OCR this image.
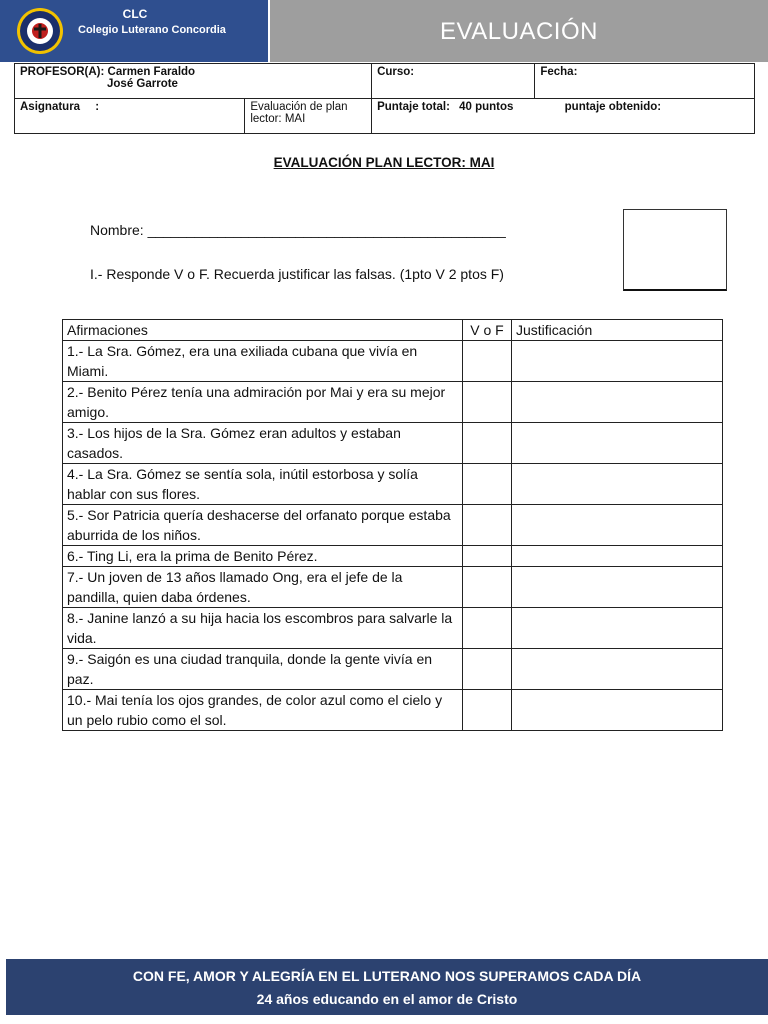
CLC
Colegio Luterano Concordia	EVALUACIÓN
PROFESOR(A): Carmen Faraldo
José Garrote		Curso:	Fecha:
Asignatura :	Evaluación de plan lector: MAI	Puntaje total: 40 puntos puntaje obtenido:	
EVALUACIÓN PLAN LECTOR: MAI
Nombre: ______________________________________________
I.- Responde V o F. Recuerda justificar las falsas. (1pto V 2 ptos F)
Afirmaciones	V o F	Justificación
1.- La Sra. Gómez, era una exiliada cubana que vivía en Miami.		
2.- Benito Pérez tenía una admiración por Mai y era su mejor amigo.		
3.- Los hijos de la Sra. Gómez eran adultos y estaban casados.		
4.- La Sra. Gómez se sentía sola, inútil estorbosa y solía hablar con sus flores.		
5.- Sor Patricia quería deshacerse del orfanato porque estaba aburrida de los niños.		
6.- Ting Li, era la prima de Benito Pérez.		
7.- Un joven de 13 años llamado Ong, era el jefe de la pandilla, quien daba órdenes.		
8.- Janine lanzó a su hija hacia los escombros para salvarle la vida.		
9.- Saigón es una ciudad tranquila, donde la gente vivía en paz.		
10.- Mai tenía los ojos grandes, de color azul como el cielo y un pelo rubio como el sol.		
CON FE, AMOR Y ALEGRÍA EN EL LUTERANO NOS SUPERAMOS CADA DÍA
24 años educando en el amor de Cristo
